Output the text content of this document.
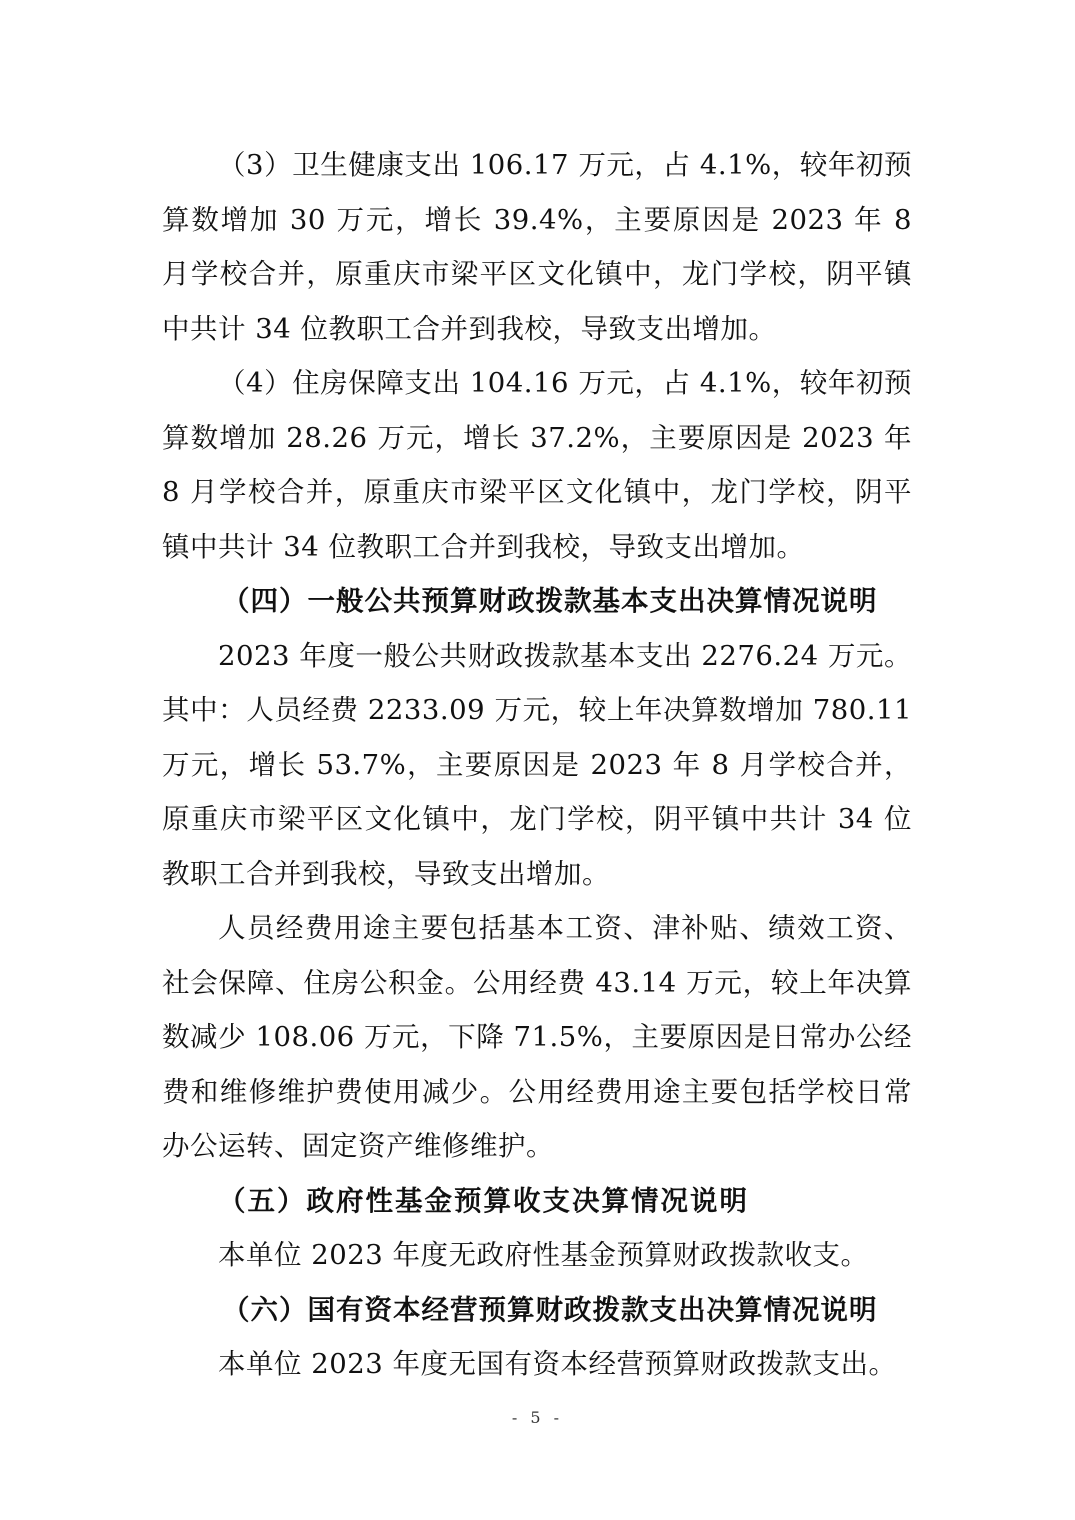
（3）卫生健康支出 106.17 万元，占 4.1%，较年初预算数增加 30 万元，增长 39.4%，主要原因是 2023 年 8 月学校合并，原重庆市梁平区文化镇中，龙门学校，阴平镇中共计 34 位教职工合并到我校，导致支出增加。

（4）住房保障支出 104.16 万元，占 4.1%，较年初预算数增加 28.26 万元，增长 37.2%，主要原因是 2023 年 8 月学校合并，原重庆市梁平区文化镇中，龙门学校，阴平镇中共计 34 位教职工合并到我校，导致支出增加。

（四）一般公共预算财政拨款基本支出决算情况说明

2023 年度一般公共财政拨款基本支出 2276.24 万元。其中：人员经费 2233.09 万元，较上年决算数增加 780.11 万元，增长 53.7%，主要原因是 2023 年 8 月学校合并，原重庆市梁平区文化镇中，龙门学校，阴平镇中共计 34 位教职工合并到我校，导致支出增加。

人员经费用途主要包括基本工资、津补贴、绩效工资、社会保障、住房公积金。公用经费 43.14 万元，较上年决算数减少 108.06 万元，下降 71.5%，主要原因是日常办公经费和维修维护费使用减少。公用经费用途主要包括学校日常办公运转、固定资产维修维护。

（五）政府性基金预算收支决算情况说明

本单位 2023 年度无政府性基金预算财政拨款收支。

（六）国有资本经营预算财政拨款支出决算情况说明

本单位 2023 年度无国有资本经营预算财政拨款支出。

- 5 -
